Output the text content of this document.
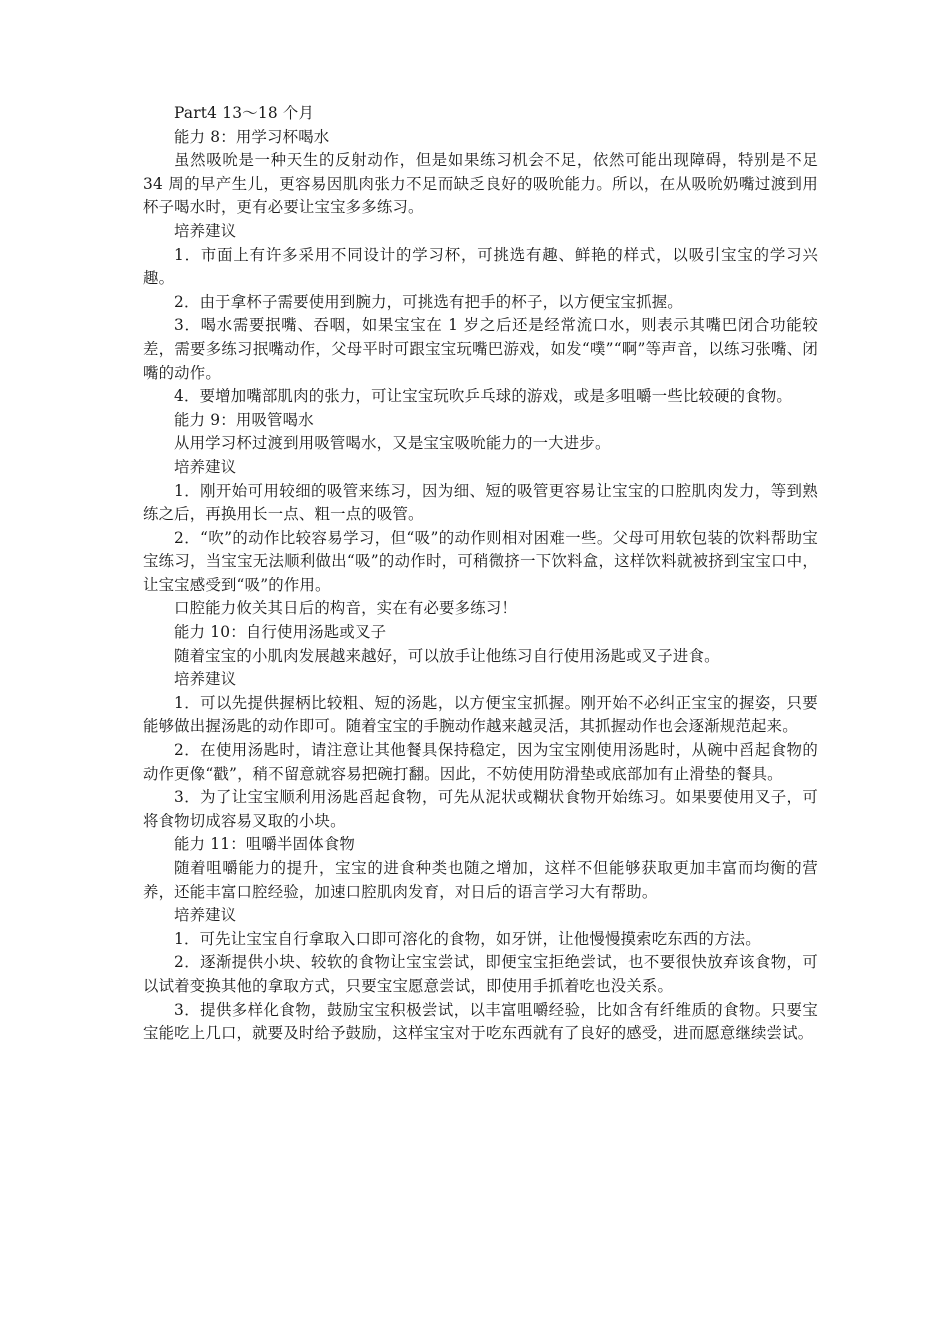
Part4 13～18 个月

能力 8：用学习杯喝水

虽然吸吮是一种天生的反射动作，但是如果练习机会不足，依然可能出现障碍，特别是不足 34 周的早产生儿，更容易因肌肉张力不足而缺乏良好的吸吮能力。所以，在从吸吮奶嘴过渡到用杯子喝水时，更有必要让宝宝多多练习。

培养建议

1．市面上有许多采用不同设计的学习杯，可挑选有趣、鲜艳的样式，以吸引宝宝的学习兴趣。

2．由于拿杯子需要使用到腕力，可挑选有把手的杯子，以方便宝宝抓握。

3．喝水需要抿嘴、吞咽，如果宝宝在 1 岁之后还是经常流口水，则表示其嘴巴闭合功能较差，需要多练习抿嘴动作，父母平时可跟宝宝玩嘴巴游戏，如发“噗”“啊”等声音，以练习张嘴、闭嘴的动作。

4．要增加嘴部肌肉的张力，可让宝宝玩吹乒乓球的游戏，或是多咀嚼一些比较硬的食物。

能力 9：用吸管喝水

从用学习杯过渡到用吸管喝水，又是宝宝吸吮能力的一大进步。

培养建议

1．刚开始可用较细的吸管来练习，因为细、短的吸管更容易让宝宝的口腔肌肉发力，等到熟练之后，再换用长一点、粗一点的吸管。

2．“吹”的动作比较容易学习，但“吸”的动作则相对困难一些。父母可用软包装的饮料帮助宝宝练习，当宝宝无法顺利做出“吸”的动作时，可稍微挤一下饮料盒，这样饮料就被挤到宝宝口中，让宝宝感受到“吸”的作用。

口腔能力攸关其日后的构音，实在有必要多练习！

能力 10：自行使用汤匙或叉子

随着宝宝的小肌肉发展越来越好，可以放手让他练习自行使用汤匙或叉子进食。

培养建议

1．可以先提供握柄比较粗、短的汤匙，以方便宝宝抓握。刚开始不必纠正宝宝的握姿，只要能够做出握汤匙的动作即可。随着宝宝的手腕动作越来越灵活，其抓握动作也会逐渐规范起来。

2．在使用汤匙时，请注意让其他餐具保持稳定，因为宝宝刚使用汤匙时，从碗中舀起食物的动作更像“戳”，稍不留意就容易把碗打翻。因此，不妨使用防滑垫或底部加有止滑垫的餐具。

3．为了让宝宝顺利用汤匙舀起食物，可先从泥状或糊状食物开始练习。如果要使用叉子，可将食物切成容易叉取的小块。

能力 11：咀嚼半固体食物

随着咀嚼能力的提升，宝宝的进食种类也随之增加，这样不但能够获取更加丰富而均衡的营养，还能丰富口腔经验，加速口腔肌肉发育，对日后的语言学习大有帮助。

培养建议

1．可先让宝宝自行拿取入口即可溶化的食物，如牙饼，让他慢慢摸索吃东西的方法。

2．逐渐提供小块、较软的食物让宝宝尝试，即便宝宝拒绝尝试，也不要很快放弃该食物，可以试着变换其他的拿取方式，只要宝宝愿意尝试，即使用手抓着吃也没关系。

3．提供多样化食物，鼓励宝宝积极尝试，以丰富咀嚼经验，比如含有纤维质的食物。只要宝宝能吃上几口，就要及时给予鼓励，这样宝宝对于吃东西就有了良好的感受，进而愿意继续尝试。
